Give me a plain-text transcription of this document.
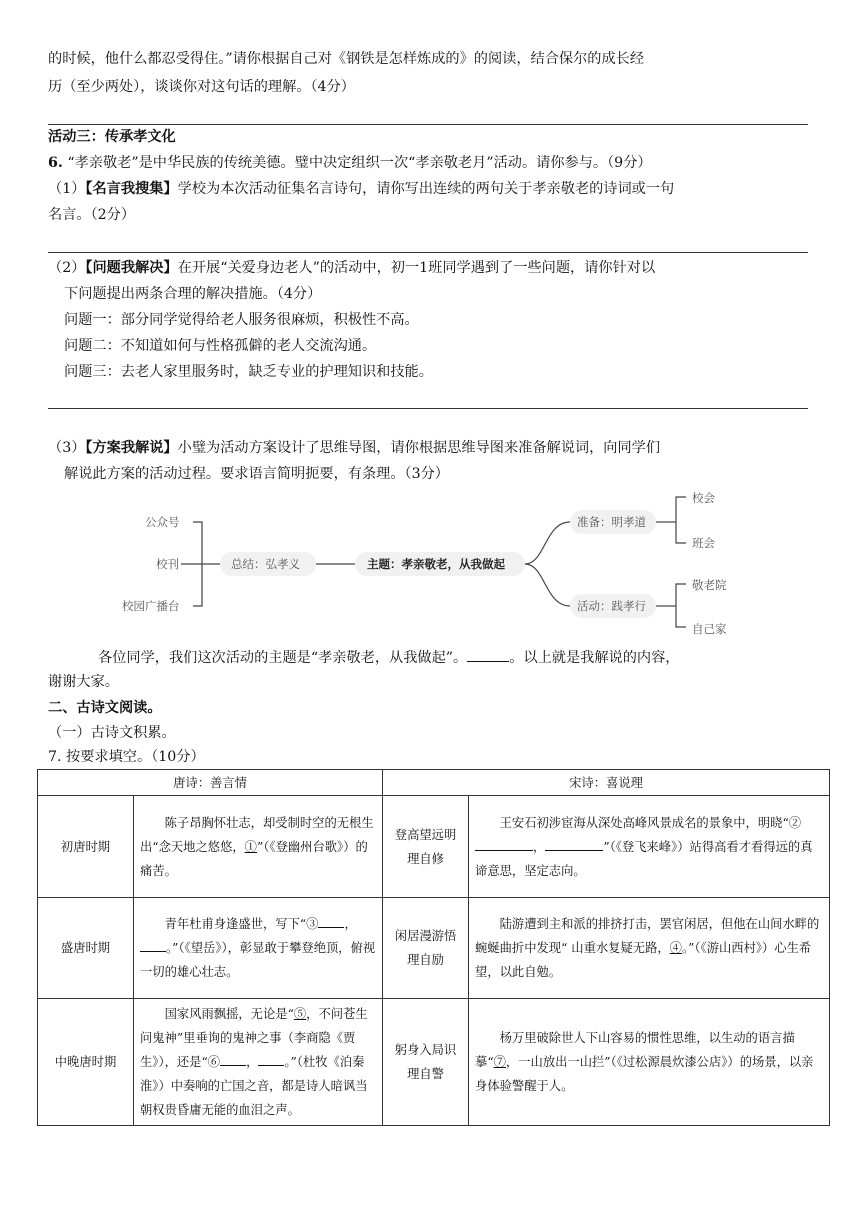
的时候，他什么都忍受得住。”请你根据自己对《钢铁是怎样炼成的》的阅读，结合保尔的成长经
历（至少两处），谈谈你对这句话的理解。（4分）
活动三：传承孝文化
6. “孝亲敬老”是中华民族的传统美德。璧中决定组织一次“孝亲敬老月”活动。请你参与。（9分）
（1）【名言我搜集】学校为本次活动征集名言诗句，请你写出连续的两句关于孝亲敬老的诗词或一句
名言。（2分）
（2）【问题我解决】在开展“关爱身边老人”的活动中，初一1班同学遇到了一些问题，请你针对以
下问题提出两条合理的解决措施。（4分）
问题一：部分同学觉得给老人服务很麻烦，积极性不高。
问题二：不知道如何与性格孤僻的老人交流沟通。
问题三：去老人家里服务时，缺乏专业的护理知识和技能。
（3）【方案我解说】小璧为活动方案设计了思维导图，请你根据思维导图来准备解说词，向同学们
解说此方案的活动过程。要求语言简明扼要，有条理。（3分）
公众号
校刊
校园广播台
总结：弘孝义	主题：孝亲敬老，从我做起
准备：明孝道
活动：践孝行
校会
班会
敬老院
自己家
各位同学，我们这次活动的主题是“孝亲敬老，从我做起”。	。以上就是我解说的内容，
谢谢大家。
二、古诗文阅读。
（一）古诗文积累。
7. 按要求填空。（10分）
唐诗：善言情		宋诗：喜说理	
初唐时期	陈子昂胸怀壮志，却受制时空的无根生出“念天地之悠悠，①”（《登幽州台歌》）的痛苦。	登高望远明理自修	王安石初涉宦海从深处高峰风景成名的景象中，明晓“②， ”（《登飞来峰》）站得高看才看得远的真谛意思，坚定志向。
盛唐时期	青年杜甫身逢盛世，写下“③ ，。”（《望岳》），彰显敢于攀登绝顶，俯视一切的雄心壮志。	闲居漫游悟理自励	陆游遭到主和派的排挤打击，罢官闲居，但他在山间水畔的蜿蜒曲折中发现“ 山重水复疑无路，④。”（《游山西村》）心生希望，以此自勉。
中晚唐时期	国家风雨飘摇，无论是“⑤，不问苍生问鬼神”里垂询的鬼神之事（李商隐《贾生》），还是“⑥ ， 。”（杜牧《泊秦淮》）中奏响的亡国之音，都是诗人暗讽当朝权贵昏庸无能的血泪之声。	躬身入局识理自警	杨万里破除世人下山容易的惯性思维，以生动的语言描摹“⑦，一山放出一山拦”（《过松源晨炊漆公店》）的场景，以亲身体验警醒于人。
